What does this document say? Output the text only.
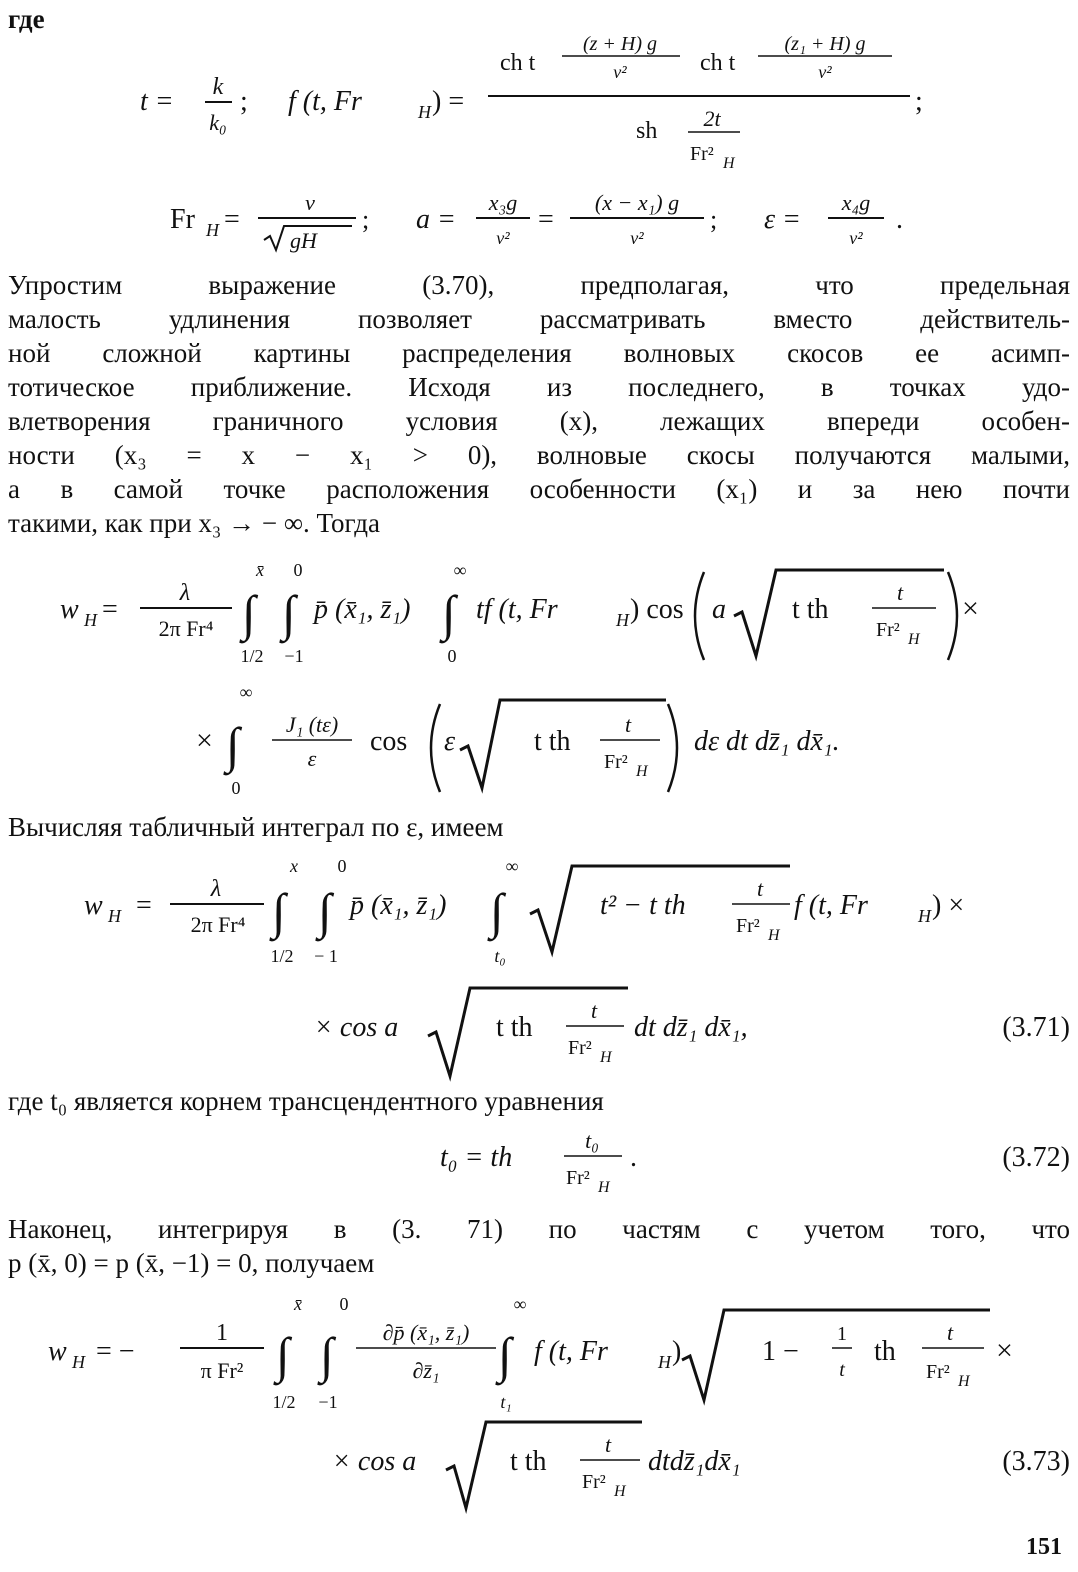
где
t = k
k₀
; f (t, Fr	H ) =
ch t
(z + H) g
v²	ch t
(z₁ + H) g
v²
;
sh 2t
Fr² H
Fr H =
v
gH
; a =
x₃g
v²
=
(x − x₁) g
v²
; ε =
x₄g
v²
.
Упростим выражение (3.70), предполагая, что предельная
малость удлинения позволяет рассматривать вместо действитель-
ной сложной картины распределения волновых скосов ее асимп-
тотическое приближение. Исходя из последнего, в точках удо-
влетворения граничного условия (x), лежащих впереди особен-
ности (x₃ = x − x₁ > 0), волновые скосы получаются малыми,
а в самой точке расположения особенности (x₁) и за нею почти
такими, как при x₃ → − ∞. Тогда
w H =
λ
2π Fr⁴
x̄
∫
1/2
0
∫
−1
p̄ (x̄₁, z̄₁)
∞
∫
0
tf (t, Fr	H ) cos a t th
t
Fr² H
×
×
∞
∫
0
J₁ (tε)
ε
cos ε	t th
t
Fr² H
dε dt dz̄₁ dx̄₁.
Вычисляя табличный интеграл по ε, имеем
w H =
λ
2π Fr⁴
x
∫
1/2
0
∫
− 1
p̄ (x̄₁, z̄₁)
∞
∫
t₀
t² − t th
t
Fr² H
f (t, Fr	H ) ×
× cos a	t th
t
Fr² H
dt dz̄₁ dx̄₁,	(3.71)
где t₀ является корнем трансцендентного уравнения
t₀ = th
t₀
Fr² H
.	(3.72)
Наконец, интегрируя в (3. 71) по частям с учетом того, что
p (x̄, 0) = p (x̄, −1) = 0, получаем
w H = −
1
π Fr²
x̄
∫
1/2
0
∫
−1
∂p̄ (x̄₁, z̄₁)
∂z̄₁
∞
∫
t₁
f (t, Fr	H )	1 −
1
t
th
t
Fr² H
×
× cos a	t th
t
Fr² H
dtdz̄₁dx̄₁	(3.73)
151
